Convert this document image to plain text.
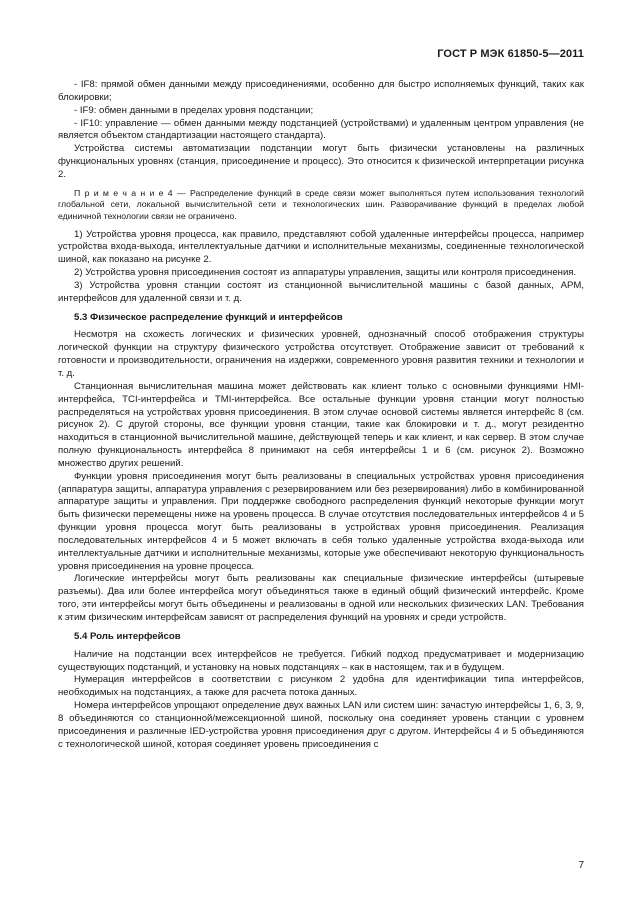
ГОСТ Р МЭК 61850-5—2011

- IF8: прямой обмен данными между присоединениями, особенно для быстро исполняемых функций, таких как блокировки;

- IF9: обмен данными в пределах уровня подстанции;

- IF10: управление — обмен данными между подстанцией (устройствами) и удаленным центром управления (не является объектом стандартизации настоящего стандарта).

Устройства системы автоматизации подстанции могут быть физически установлены на различных функциональных уровнях (станция, присоединение и процесс). Это относится к физической интерпретации рисунка 2.

П р и м е ч а н и е 4 — Распределение функций в среде связи может выполняться путем использования технологий глобальной сети, локальной вычислительной сети и технологических шин. Разворачивание функций в пределах любой единичной технологии связи не ограничено.

1) Устройства уровня процесса, как правило, представляют собой удаленные интерфейсы процесса, например устройства входа-выхода, интеллектуальные датчики и исполнительные механизмы, соединенные технологической шиной, как показано на рисунке 2.

2) Устройства уровня присоединения состоят из аппаратуры управления, защиты или контроля присоединения.

3) Устройства уровня станции состоят из станционной вычислительной машины с базой данных, АРМ, интерфейсов для удаленной связи и т. д.

5.3 Физическое распределение функций и интерфейсов

Несмотря на схожесть логических и физических уровней, однозначный способ отображения структуры логической функции на структуру физического устройства отсутствует. Отображение зависит от требований к готовности и производительности, ограничения на издержки, современного уровня развития техники и технологии и т. д.

Станционная вычислительная машина может действовать как клиент только с основными функциями HMI-интерфейса, TCI-интерфейса и TMI-интерфейса. Все остальные функции уровня станции могут полностью распределяться на устройствах уровня присоединения. В этом случае основой системы является интерфейс 8 (см. рисунок 2). С другой стороны, все функции уровня станции, такие как блокировки и т. д., могут резидентно находиться в станционной вычислительной машине, действующей теперь и как клиент, и как сервер. В этом случае полную функциональность интерфейса 8 принимают на себя интерфейсы 1 и 6 (см. рисунок 2). Возможно множество других решений.

Функции уровня присоединения могут быть реализованы в специальных устройствах уровня присоединения (аппаратура защиты, аппаратура управления с резервированием или без резервирования) либо в комбинированной аппаратуре защиты и управления. При поддержке свободного распределения функций некоторые функции могут быть физически перемещены ниже на уровень процесса. В случае отсутствия последовательных интерфейсов 4 и 5 функции уровня процесса могут быть реализованы в устройствах уровня присоединения. Реализация последовательных интерфейсов 4 и 5 может включать в себя только удаленные устройства входа-выхода или интеллектуальные датчики и исполнительные механизмы, которые уже обеспечивают некоторую функциональность уровня присоединения на уровне процесса.

Логические интерфейсы могут быть реализованы как специальные физические интерфейсы (штыревые разъемы). Два или более интерфейса могут объединяться также в единый общий физический интерфейс. Кроме того, эти интерфейсы могут быть объединены и реализованы в одной или нескольких физических LAN. Требования к этим физическим интерфейсам зависят от распределения функций на уровнях и среди устройств.

5.4 Роль интерфейсов

Наличие на подстанции всех интерфейсов не требуется. Гибкий подход предусматривает и модернизацию существующих подстанций, и установку на новых подстанциях – как в настоящем, так и в будущем.

Нумерация интерфейсов в соответствии с рисунком 2 удобна для идентификации типа интерфейсов, необходимых на подстанциях, а также для расчета потока данных.

Номера интерфейсов упрощают определение двух важных LAN или систем шин: зачастую интерфейсы 1, 6, 3, 9, 8 объединяются со станционной/межсекционной шиной, поскольку она соединяет уровень станции с уровнем присоединения и различные IED-устройства уровня присоединения друг с другом. Интерфейсы 4 и 5 объединяются с технологической шиной, которая соединяет уровень присоединения с

7
